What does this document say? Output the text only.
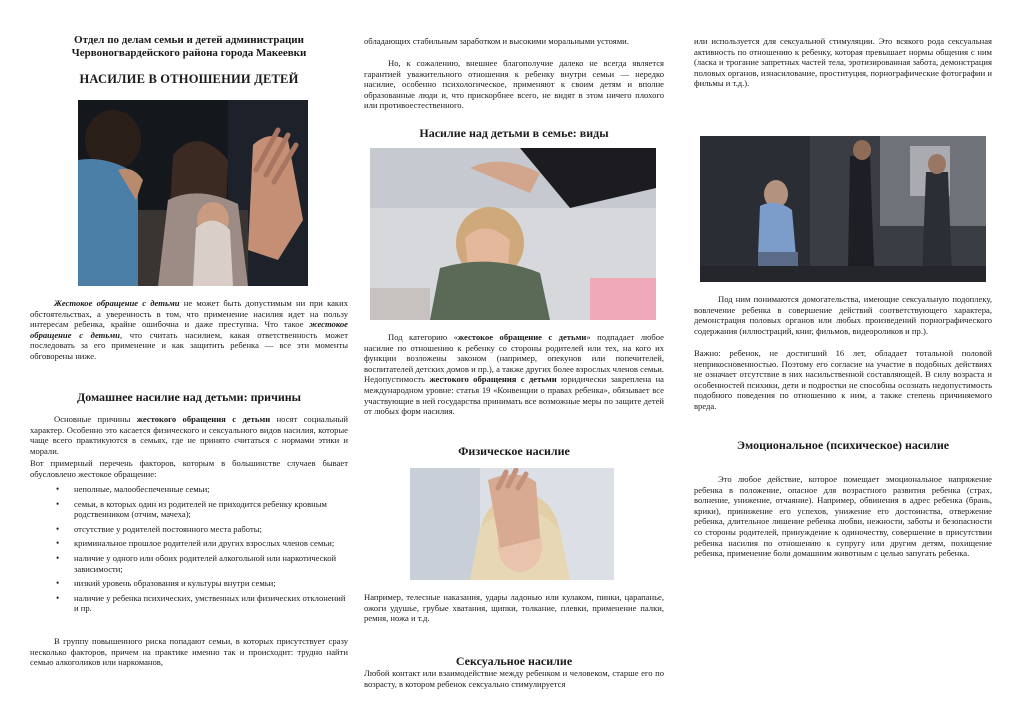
Отдел по делам семьи и детей администрации Червоногвардейского района города Макеевки
НАСИЛИЕ В ОТНОШЕНИИ ДЕТЕЙ
Жестокое обращение с детьми не может быть допустимым ни при каких обстоятельствах, а уверенность в том, что применение насилия идет на пользу интересам ребенка, крайне ошибочна и даже преступна. Что такое жестокое обращение с детьми, что считать насилием, какая ответственность может последовать за его применение и как защитить ребенка — все эти моменты обговорены ниже.
Домашнее насилие над детьми: причины
Основные причины жестокого обращения с детьми носят социальный характер. Особенно это касается физического и сексуального видов насилия, которые чаще всего практикуются в семьях, где не принято считаться с нормами этики и морали.
Вот примерный перечень факторов, которым в большинстве случаев бывает обусловлено жестокое обращение:
• неполные, малообеспеченные семьи;
• семьи, в которых один из родителей не приходится ребенку кровным родственником (отчим, мачеха);
• отсутствие у родителей постоянного места работы;
• криминальное прошлое родителей или других взрослых членов семьи;
• наличие у одного или обоих родителей алкогольной или наркотической зависимости;
• низкий уровень образования и культуры внутри семьи;
• наличие у ребенка психических, умственных или физических отклонений и пр.
В группу повышенного риска попадают семьи, в которых присутствует сразу несколько факторов, причем на практике именно так и происходит: трудно найти семью алкоголиков или наркоманов,
обладающих стабильным заработком и высокими моральными устоями.
Но, к сожалению, внешнее благополучие далеко не всегда является гарантией уважительного отношения к ребенку внутри семьи — нередко насилие, особенно психологическое, применяют к своим детям и вполне образованные люди и, что прискорбнее всего, не видят в этом ничего плохого или противоестественного.
Насилие над детьми в семье: виды
Под категорию «жестокое обращение с детьми» подпадает любое насилие по отношению к ребенку со стороны родителей или тех, на кого их функции возложены законом (например, опекунов или попечителей, воспитателей детских домов и пр.), а также других более взрослых членов семьи. Недопустимость жестокого обращения с детьми юридически закреплена на международном уровне: статья 19 «Конвенции о правах ребенка», обязывает все участвующие в ней государства принимать все возможные меры по защите детей от любых форм насилия.
Физическое насилие
Например, телесные наказания, удары ладонью или кулаком, пинки, царапанье, ожоги удушье, грубые хватания, щипки, толкание, плевки, применение палки, ремня, ножа и т.д.
Сексуальное насилие
Любой контакт или взаимодействие между ребенком и человеком, старше его по возрасту, в котором ребенок сексуально стимулируется
или используется для сексуальной стимуляции. Это всякого рода сексуальная активность по отношению к ребенку, которая превышает нормы общения с ним (ласка и трогание запретных частей тела, эротизированная забота, демонстрация половых органов, изнасилование, проституция, порнографические фотографии и фильмы и т.д.).
Под ним понимаются домогательства, имеющие сексуальную подоплеку, вовлечение ребенка в совершение действий соответствующего характера, демонстрация половых органов или любых произведений порнографического содержания (иллюстраций, книг, фильмов, видеороликов и пр.).
Важно: ребенок, не достигший 16 лет, обладает тотальной половой неприкосновенностью. Поэтому его согласие на участие в подобных действиях не означает отсутствие в них насильственной составляющей. В силу возраста и особенностей психики, дети и подростки не способны осознать недопустимость подобного поведения по отношению к ним, а также степень причиняемого вреда.
Эмоциональное (психическое) насилие
Это любое действие, которое помещает эмоциональное напряжение ребенка в положение, опасное для возрастного развития ребенка (страх, волнение, унижение, отчаяние). Например, обвинения в адрес ребенка (брань, крики), принижение его успехов, унижение его достоинства, отвержение ребенка, длительное лишение ребенка любви, нежности, заботы и безопасности со стороны родителей, принуждение к одиночеству, совершение в присутствии ребенка насилия по отношению к супругу или другим детям, похищение ребенка, применение боли домашним животным с целью запугать ребенка.
